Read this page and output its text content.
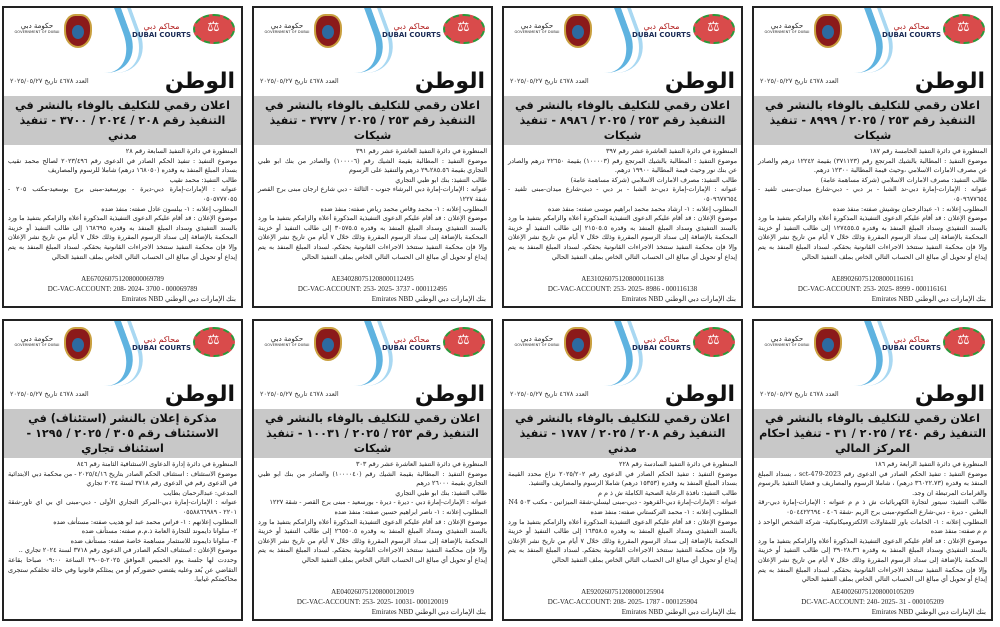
حكومة دبي
GOVERNMENT OF DUBAI
محاكم دبي
DUBAI COURTS
⚖
الوطن
العدد ٤٦٧٨ تاريخ ٢٠٢٥/٠٥/٢٧
اعلان رقمي للتكليف بالوفاء بالنشر في التنفيذ رقم ٢٥٣ / ٢٠٢٥ / ٨٩٩٩ - تنفيذ شيكات

المنظورة في دائرة التنفيذ الخامسة رقم ١٨٧

موضوع التنفيذ : المطالبة بالشيك المرتجع رقم (٣٧١١٢٣) بقيمة ١٢٢٤٢ درهم والصادر عن مصرف الامارات الاسلامي ،وحيث قيمة المطالبة ١٢٣٠٠ درهم.

طالب التنفيذ: مصرف الامارات الاسلامي (شركة مساهمة عامة)

عنوانه : الإمارات-إمارة دبي-ند الشبا - بر دبي - دبي-شارع ميدان-مبنى تلفيد - ٠٥٠٩٦٧٧٦٥٤

المطلوب إعلانه : ١- عبدالرحمان بوشيش صفته: منفذ ضده

موضوع الإعلان : قد أقام عليكم الدعوى التنفيذية المذكورة أعلاه والزامكم بتنفيذ ما ورد بالسند التنفيذي وسداد المبلغ المنفذ به وقدره ١٢٧٤٥٥.٥ إلى طالب التنفيذ أو خزينة المحكمة بالإضافة إلى سداد الرسوم المقررة وذلك خلال ٧ أيام من تاريخ نشر الإعلان وإلا فإن محكمة التنفيذ ستتخذ الاجراءات القانونية بحقكم. لسداد المبلغ المنفذ به يتم إيداع أو تحويل أي مبالغ الى الحساب التالي الخاص بملف التنفيذ الحالي

AE890260751208000116161
DC-VAC-ACCOUNT: 253- 2025- 8999 - 000116161
بنك الإمارات دبي الوطني Emirates NBD
حكومة دبي
GOVERNMENT OF DUBAI
محاكم دبي
DUBAI COURTS
⚖
الوطن
العدد ٤٦٧٨ تاريخ ٢٠٢٥/٠٥/٢٧
اعلان رقمي للتكليف بالوفاء بالنشر في التنفيذ رقم ٢٥٣ / ٢٠٢٥ / ٨٩٨٦ - تنفيذ شيكات

المنظورة في دائرة التنفيذ العاشرة عشر رقم ٣٩٧

موضوع التنفيذ : المطالبة بالشيك المرتجع رقم (١٠٠٠٠٣) بقيمة ٢٢٦٥٠ درهم والصادر عن بنك نور وحيث قيمة المطالبة ١٩٩٠٠ درهم.

طالب التنفيذ: مصرف الامارات الاسلامي (شركة مساهمة عامة)

عنوانه : الإمارات-إمارة دبي-ند الشبا - بر دبي - دبي-شارع ميدان-مبنى تلفيد - ٠٥٠٩٦٧٧٦٥٤

المطلوب إعلانه : ١- ارشاد محمد محمد ابراهيم موسى صفته: منفذ ضده

موضوع الإعلان : قد أقام عليكم الدعوى التنفيذية المذكورة أعلاه والزامكم بتنفيذ ما ورد بالسند التنفيذي وسداد المبلغ المنفذ به وقدره ٢١٥٠٥.٥ إلى طالب التنفيذ أو خزينة المحكمة بالإضافة إلى سداد الرسوم المقررة وذلك خلال ٧ أيام من تاريخ نشر الإعلان وإلا فإن محكمة التنفيذ ستتخذ الاجراءات القانونية بحقكم. لسداد المبلغ المنفذ به يتم إيداع أو تحويل أي مبالغ الى الحساب التالي الخاص بملف التنفيذ الحالي

AE310260751208000116138
DC-VAC-ACCOUNT: 253- 2025- 8986 - 000116138
بنك الإمارات دبي الوطني Emirates NBD
حكومة دبي
GOVERNMENT OF DUBAI
محاكم دبي
DUBAI COURTS
⚖
الوطن
العدد ٤٦٧٨ تاريخ ٢٠٢٥/٠٥/٢٧
اعلان رقمي للتكليف بالوفاء بالنشر في التنفيذ رقم ٢٥٣ / ٢٠٢٥ / ٣٧٣٧ - تنفيذ شيكات

المنظورة في دائرة التنفيذ العاشرة عشر رقم ٣٩١

موضوع التنفيذ : المطالبة بقيمة الشيك رقم (١٠٠٠٠٦) والصادر من بنك ابو ظبي التجاري بقيمة ٢٩،٢٨٥.٥٦ درهم والتنفيذ على الرسوم

طالب التنفيذ: بنك ابو ظبي التجاري

عنوانه : الإمارات-إمارة دبي البرشاء جنوب - الثالثة - دبي شارع ارجان مبنى برج القصر شقة ١٢٢٧

المطلوب إعلانه : ١- محمد وقاص محمد رياض صفته: منفذ ضده

موضوع الإعلان : قد أقام عليكم الدعوى التنفيذية المذكورة أعلاه والزامكم بتنفيذ ما ورد بالسند التنفيذي وسداد المبلغ المنفذ به وقدره ٣٠٥٧٥.٥ إلى طالب التنفيذ أو خزينة المحكمة بالإضافة إلى سداد الرسوم المقررة وذلك خلال ٧ أيام من تاريخ نشر الإعلان وإلا فإن محكمة التنفيذ ستتخذ الاجراءات القانونية بحقكم. لسداد المبلغ المنفذ به يتم إيداع أو تحويل أي مبالغ الى الحساب التالي الخاص بملف التنفيذ الحالي

AE340280751208000112495
DC-VAC-ACCOUNT: 253- 2025- 3737 - 000112495
بنك الإمارات دبي الوطني Emirates NBD
حكومة دبي
GOVERNMENT OF DUBAI
محاكم دبي
DUBAI COURTS
⚖
الوطن
العدد ٤٦٧٨ تاريخ ٢٠٢٥/٠٥/٢٧
اعلان رقمي للتكليف بالوفاء بالنشر في التنفيذ رقم ٢٠٨ / ٢٠٢٤ / ٣٧٠٠ - تنفيذ مدني

المنظورة في دائرة التنفيذ السابعة رقم ٢٨

موضوع التنفيذ : تنفيذ الحكم الصادر في الدعوى رقم ٢٠٢٣/٤٩٦ لصالح محمد نقيب بسداد المبلغ المنفذ به وقدره (١٦٨٠٥٠ درهم) شاملا للرسوم والمصاريف

طالب التنفيذ: محمد نقيب

عنوانه : الإمارات-إمارة دبي-ديرة - بورسعيد-مبنى برج بوسعيد-مكتب ٢٠٥ - ٠٥٠٥٧٧٧٠٥٥

المطلوب إعلانه : ١- بيلسون عادل صفته: منفذ ضده

موضوع الإعلان : قد أقام عليكم الدعوى التنفيذية المذكورة أعلاه والزامكم بتنفيذ ما ورد بالسند التنفيذي وسداد المبلغ المنفذ به وقدره ١٦٨٦٩٥ إلى طالب التنفيذ أو خزينة المحكمة بالإضافة إلى سداد الرسوم المقررة وذلك خلال ٧ أيام من تاريخ نشر الإعلان وإلا فإن محكمة التنفيذ ستتخذ الاجراءات القانونية بحقكم. لسداد المبلغ المنفذ به يتم إيداع أو تحويل أي مبالغ الى الحساب التالي الخاص بملف التنفيذ الحالي

AE670260751208000069789
DC-VAC-ACCOUNT: 208- 2024- 3700 - 000069789
بنك الإمارات دبي الوطني Emirates NBD
حكومة دبي
GOVERNMENT OF DUBAI
محاكم دبي
DUBAI COURTS
⚖
الوطن
العدد ٤٦٧٨ تاريخ ٢٠٢٥/٠٥/٢٧
اعلان رقمي للتكليف بالوفاء بالنشر في التنفيذ رقم ٢٤٠ / ٢٠٢٥ / ٣١ - تنفيذ احكام المركز المالي

المنظورة في دائرة التنفيذ الرابعة رقم ١٨٦

موضوع التنفيذ : تنفيذ الحكم الصادر في الدعوى رقم 2023-479-sct ، بسداد المبلغ المنفذ به وقدره (٣٦٠٢٢.٧٣ درهم) ، شاملا الرسوم والمصاريف و قضايا التنفيذ بالرسوم والغرامات المرتبطة ان وجد.

طالب التنفيذ: سيتور لتجارة الكهربائيات ش ذ م م عنوانه : الإمارات-إمارة دبي-رقة البطين - ديرة - دبي-شارع المكتوم-مبنى برج الريم -شقة ٤٠٦ - ٠٥٠٤٤٢٢٦٩٤

المطلوب إعلانه : ١- الخامات باور للمقاولات الالكتروميكانيكية- شركة الشخص الواحد ذ م م صفته: منفذ ضده

موضوع الإعلان : قد أقام عليكم الدعوى التنفيذية المذكورة أعلاه والزامكم بتنفيذ ما ورد بالسند التنفيذي وسداد المبلغ المنفذ به وقدره ٣٩٠٢٨.٣٦ إلى طالب التنفيذ أو خزينة المحكمة بالإضافة إلى سداد الرسوم المقررة وذلك خلال ٧ أيام من تاريخ نشر الإعلان وإلا فإن محكمة التنفيذ ستتخذ الاجراءات القانونية بحقكم. لسداد المبلغ المنفذ به يتم إيداع أو تحويل أي مبالغ الى الحساب التالي الخاص بملف التنفيذ الحالي

AE400260751208000105209
DC-VAC-ACCOUNT: 240- 2025- 31 - 000105209
بنك الإمارات دبي الوطني Emirates NBD
حكومة دبي
GOVERNMENT OF DUBAI
محاكم دبي
DUBAI COURTS
⚖
الوطن
العدد ٤٦٧٨ تاريخ ٢٠٢٥/٠٥/٢٧
اعلان رقمي للتكليف بالوفاء بالنشر في التنفيذ رقم ٢٠٨ / ٢٠٢٥ / ١٧٨٧ - تنفيذ مدني

المنظورة في دائرة التنفيذ السادسة رقم ٢٢٨

موضوع التنفيذ : تنفيذ الحكم الصادر في الدعوى رقم ٢٠٢٥/٢٠٢ نزاع محدد القيمة بسداد المبلغ المنفذ به وقدره (١٥٣٥٣ درهم) شاملا الرسوم والمصاريف والتنفيذ.

طالب التنفيذ: نافذة الرعاية الصحية الكاملة ش ذ م م

عنوانه : الإمارات-إمارة دبي-القرهود - دبي-مبنى ليسلي-شقة الميزانين - مكتب ٥٠٣ N4

المطلوب إعلانه : ١- محمد التركستاني صفته: منفذ ضده

موضوع الإعلان : قد أقام عليكم الدعوى التنفيذية المذكورة أعلاه والزامكم بتنفيذ ما ورد بالسند التنفيذي وسداد المبلغ المنفذ به وقدره ١٦٣٥٨.٥ إلى طالب التنفيذ أو خزينة المحكمة بالإضافة إلى سداد الرسوم المقررة وذلك خلال ٧ أيام من تاريخ نشر الإعلان وإلا فإن محكمة التنفيذ ستتخذ الاجراءات القانونية بحقكم. لسداد المبلغ المنفذ به يتم إيداع أو تحويل أي مبالغ الى الحساب التالي الخاص بملف التنفيذ الحالي

AE920260751208000125904
DC-VAC-ACCOUNT: 208- 2025- 1787 - 000125904
بنك الإمارات دبي الوطني Emirates NBD
حكومة دبي
GOVERNMENT OF DUBAI
محاكم دبي
DUBAI COURTS
⚖
الوطن
العدد ٤٦٧٨ تاريخ ٢٠٢٥/٠٥/٢٧
اعلان رقمي للتكليف بالوفاء بالنشر في التنفيذ رقم ٢٥٣ / ٢٠٢٥ / ١٠٠٣١ - تنفيذ شيكات

المنظورة في دائرة التنفيذ العاشرة عشر رقم ٣٠٣

موضوع التنفيذ : المطالبة بقيمة الشيك رقم (١٠٠٠٠٤٠) والصادر من بنك ابو ظبي التجاري بقيمة ٢٦٠٠٠ درهم

طالب التنفيذ: بنك ابو ظبي التجاري

عنوانه : الإمارات-إمارة دبي - ديرة - ديرة - بورسعيد - مبنى برج القصر - شقة ١٢٢٧

المطلوب إعلانه : ١- ناصر ابراهيم حسين صفته: منفذ ضده

موضوع الإعلان : قد أقام عليكم الدعوى التنفيذية المذكورة أعلاه والزامكم بتنفيذ ما ورد بالسند التنفيذي وسداد المبلغ المنفذ به وقدره ٢٦٥٥٠.٥ إلى طالب التنفيذ أو خزينة المحكمة بالإضافة إلى سداد الرسوم المقررة وذلك خلال ٧ أيام من تاريخ نشر الإعلان وإلا فإن محكمة التنفيذ ستتخذ الاجراءات القانونية بحقكم. لسداد المبلغ المنفذ به يتم إيداع أو تحويل أي مبالغ الى الحساب التالي الخاص بملف التنفيذ الحالي

AE040260751208000120019
DC-VAC-ACCOUNT: 253- 2025- 10031- 000120019
بنك الإمارات دبي الوطني Emirates NBD
حكومة دبي
GOVERNMENT OF DUBAI
محاكم دبي
DUBAI COURTS
⚖
الوطن
العدد ٤٦٧٨ تاريخ ٢٠٢٥/٠٥/٢٧
مذكرة إعلان بالنشر (استئناف) في الاستئناف رقم ٣٠٥ / ٢٠٢٥ / ١٢٩٥ - استئناف تجاري

المنظورة في دائرة إدارة الدعاوى الاستئنافية الثامنة رقم ٨٤٦

موضوع الاستئناف : استئناف الحكم الصادر بتاريخ ٢٠٢٥/٤/١٦ - من محكمة دبي الابتدائية في الدعوى رقم في الدعوى رقم ٣٧١٨ لسنة ٢٠٢٤ تجاري

المدعي: عبدالرحمان بطايب

عنوانه : الإمارات-إمارة دبي-المركز التجاري الأولى - دبي-مبنى اي بي اي تاور-شقة ٢٢٠١ - ٠٥٥٨٨٦٦٩٨٩

المطلوب إعلانهم : ١- فراس محمد عبد ابو هديب صفته: مستأنف ضده

٢- سلوانا دايموند للتجارة العامة ذ.م.م صفته: مستأنف ضده

٣- سلوانا دايموند للاستثمار مساهمة خاصة صفته: مستأنف ضده

موضوع الإعلان : استئناف الحكم الصادر في الدعوى رقم ٣٧١٨ لسنة ٢٠٢٤ تجاري ..

وحددت لها جلسة يوم الخميس الموافق ٢٠٢٥-٠٥-٢٩ الساعة ٠٩:٠٠ صباحا بقاعة التقاضي عن بُعد وعليه يقتضي حضوركم أو من يمثلكم قانونيا وفي حالة تخلفكم ستجرى محاكمتكم غيابيا.
